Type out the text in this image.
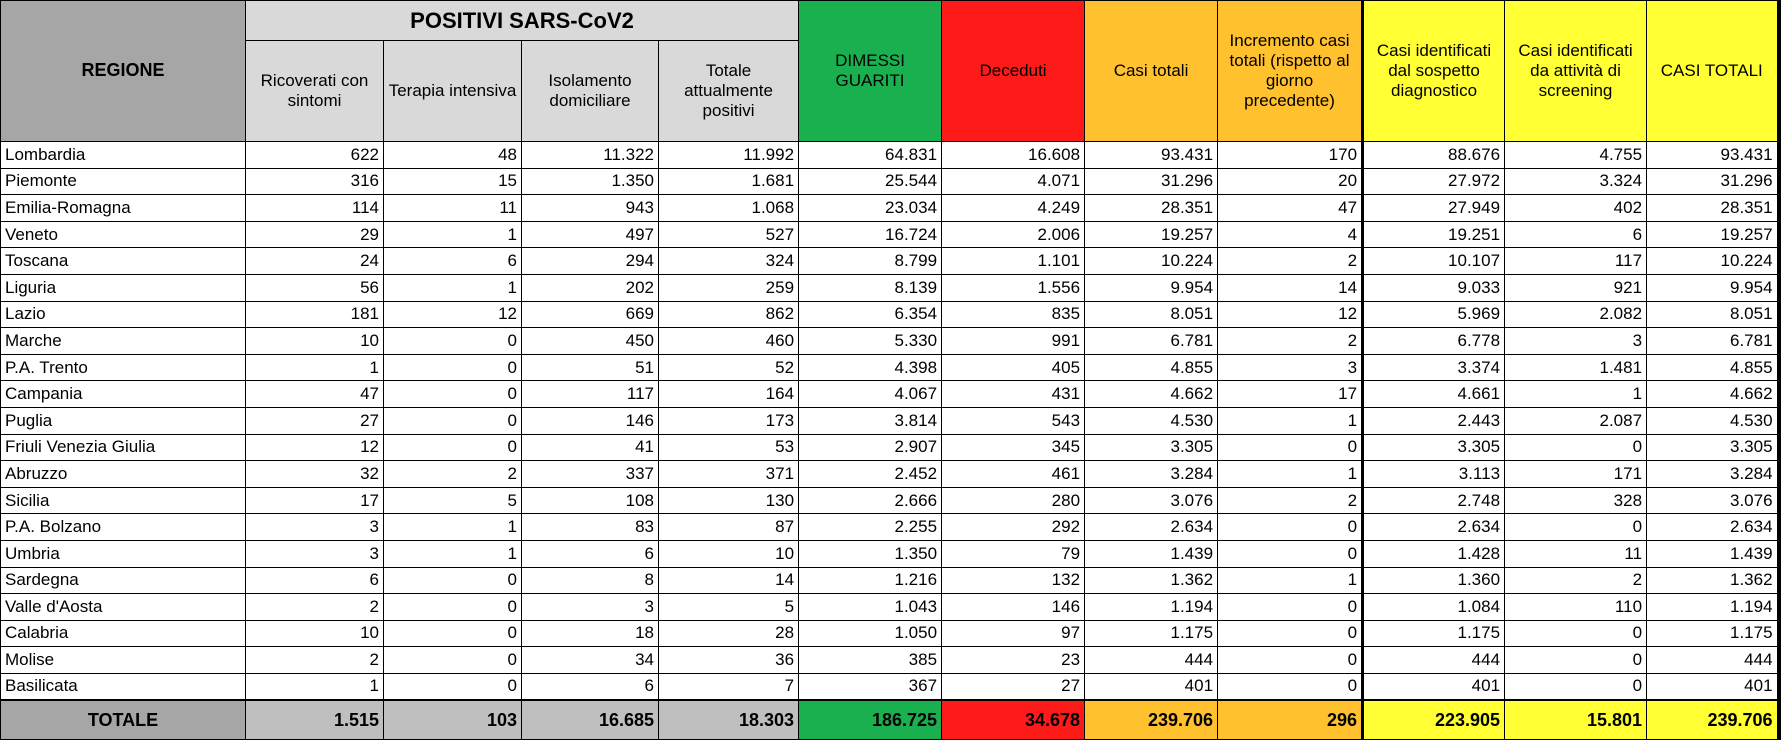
REGIONE	POSITIVI SARS-CoV2				DIMESSI GUARITI	Deceduti	Casi totali	Incremento casi totali (rispetto al giorno precedente)	Casi identificati dal sospetto diagnostico	Casi identificati da attività di screening	CASI TOTALI
	Ricoverati con sintomi	Terapia intensiva	Isolamento domiciliare	Totale attualmente positivi							
Lombardia	622	48	11.322	11.992	64.831	16.608	93.431	170	88.676	4.755	93.431
Piemonte	316	15	1.350	1.681	25.544	4.071	31.296	20	27.972	3.324	31.296
Emilia-Romagna	114	11	943	1.068	23.034	4.249	28.351	47	27.949	402	28.351
Veneto	29	1	497	527	16.724	2.006	19.257	4	19.251	6	19.257
Toscana	24	6	294	324	8.799	1.101	10.224	2	10.107	117	10.224
Liguria	56	1	202	259	8.139	1.556	9.954	14	9.033	921	9.954
Lazio	181	12	669	862	6.354	835	8.051	12	5.969	2.082	8.051
Marche	10	0	450	460	5.330	991	6.781	2	6.778	3	6.781
P.A. Trento	1	0	51	52	4.398	405	4.855	3	3.374	1.481	4.855
Campania	47	0	117	164	4.067	431	4.662	17	4.661	1	4.662
Puglia	27	0	146	173	3.814	543	4.530	1	2.443	2.087	4.530
Friuli Venezia Giulia	12	0	41	53	2.907	345	3.305	0	3.305	0	3.305
Abruzzo	32	2	337	371	2.452	461	3.284	1	3.113	171	3.284
Sicilia	17	5	108	130	2.666	280	3.076	2	2.748	328	3.076
P.A. Bolzano	3	1	83	87	2.255	292	2.634	0	2.634	0	2.634
Umbria	3	1	6	10	1.350	79	1.439	0	1.428	11	1.439
Sardegna	6	0	8	14	1.216	132	1.362	1	1.360	2	1.362
Valle d'Aosta	2	0	3	5	1.043	146	1.194	0	1.084	110	1.194
Calabria	10	0	18	28	1.050	97	1.175	0	1.175	0	1.175
Molise	2	0	34	36	385	23	444	0	444	0	444
Basilicata	1	0	6	7	367	27	401	0	401	0	401
TOTALE	1.515	103	16.685	18.303	186.725	34.678	239.706	296	223.905	15.801	239.706
